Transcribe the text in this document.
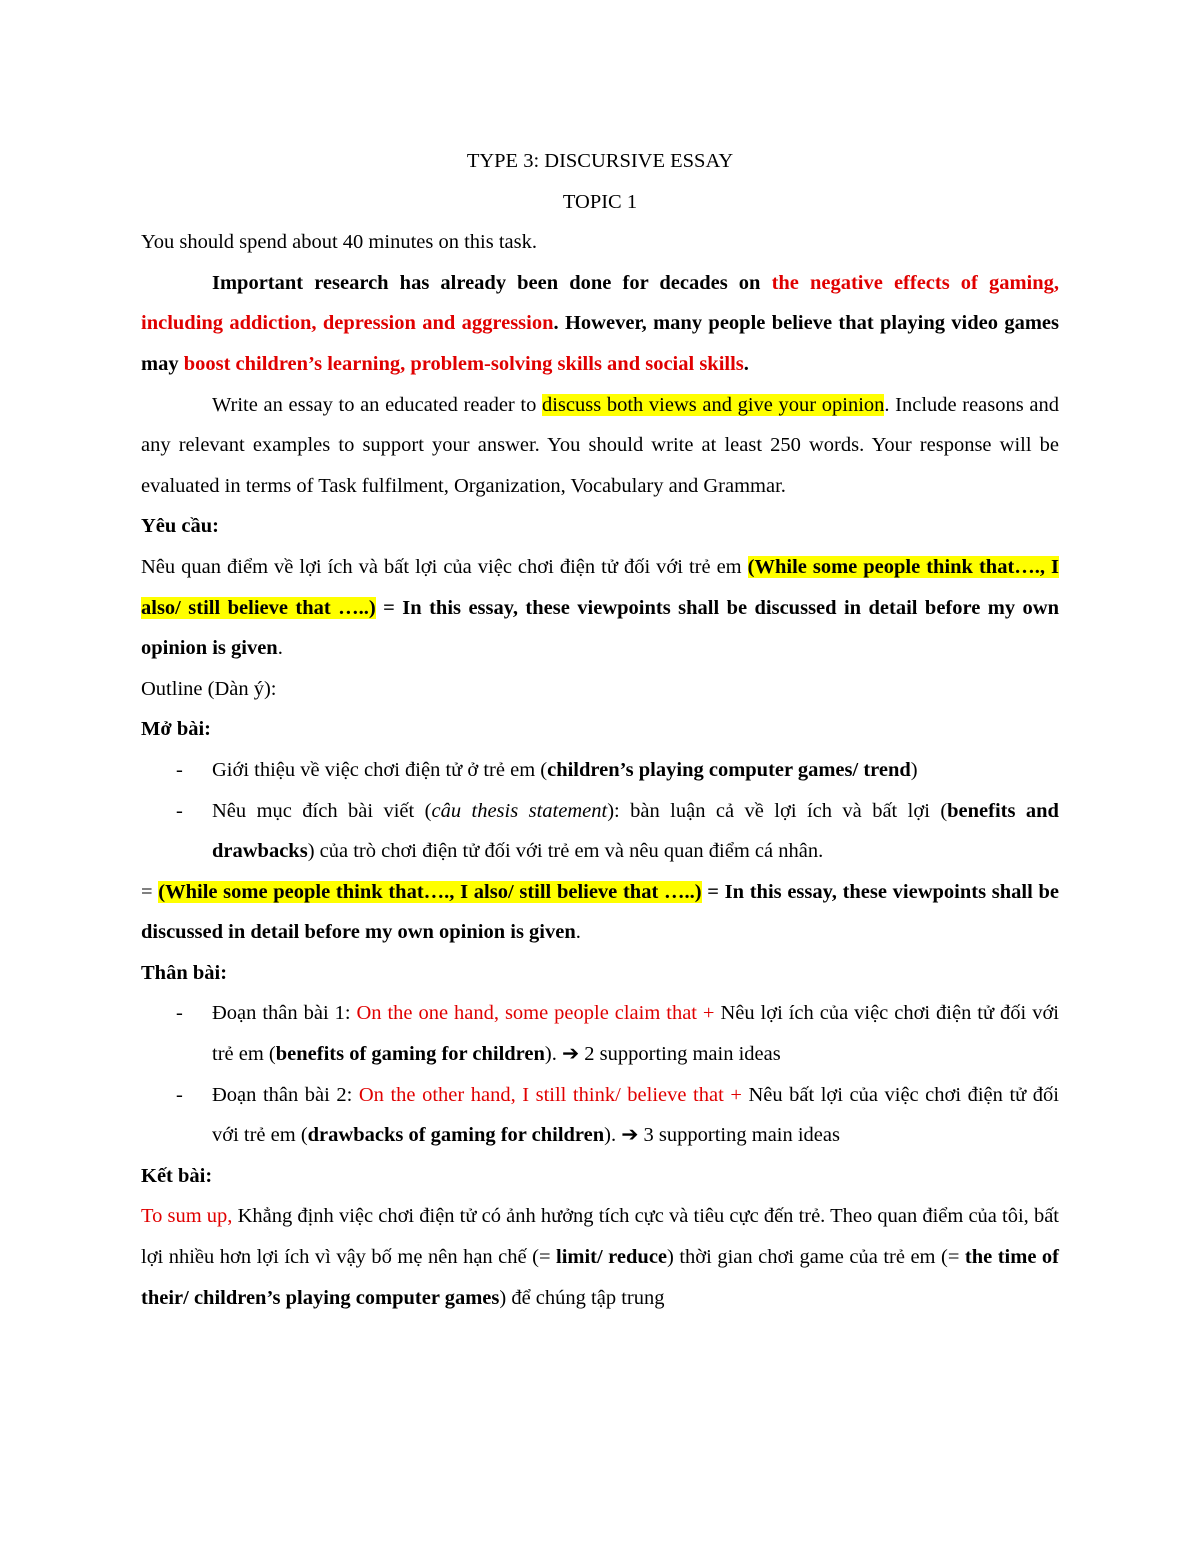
TYPE 3: DISCURSIVE ESSAY

TOPIC 1

You should spend about 40 minutes on this task.

Important research has already been done for decades on the negative effects of gaming, including addiction, depression and aggression. However, many people believe that playing video games may boost children’s learning, problem-solving skills and social skills.

Write an essay to an educated reader to discuss both views and give your opinion. Include reasons and any relevant examples to support your answer. You should write at least 250 words. Your response will be evaluated in terms of Task fulfilment, Organization, Vocabulary and Grammar.

Yêu cầu:

Nêu quan điểm về lợi ích và bất lợi của việc chơi điện tử đối với trẻ em (While some people think that…., I also/ still believe that …..) = In this essay, these viewpoints shall be discussed in detail before my own opinion is given.

Outline (Dàn ý):

Mở bài:

- Giới thiệu về việc chơi điện tử ở trẻ em (children’s playing computer games/ trend)
- Nêu mục đích bài viết (câu thesis statement): bàn luận cả về lợi ích và bất lợi (benefits and drawbacks) của trò chơi điện tử đối với trẻ em và nêu quan điểm cá nhân.

= (While some people think that…., I also/ still believe that …..) = In this essay, these viewpoints shall be discussed in detail before my own opinion is given.

Thân bài:

- Đoạn thân bài 1: On the one hand, some people claim that + Nêu lợi ích của việc chơi điện tử đối với trẻ em (benefits of gaming for children). ➔ 2 supporting main ideas
- Đoạn thân bài 2: On the other hand, I still think/ believe that + Nêu bất lợi của việc chơi điện tử đối với trẻ em (drawbacks of gaming for children). ➔ 3 supporting main ideas

Kết bài:

To sum up, Khẳng định việc chơi điện tử có ảnh hưởng tích cực và tiêu cực đến trẻ. Theo quan điểm của tôi, bất lợi nhiều hơn lợi ích vì vậy bố mẹ nên hạn chế (= limit/ reduce) thời gian chơi game của trẻ em (= the time of their/ children’s playing computer games) để chúng tập trung
